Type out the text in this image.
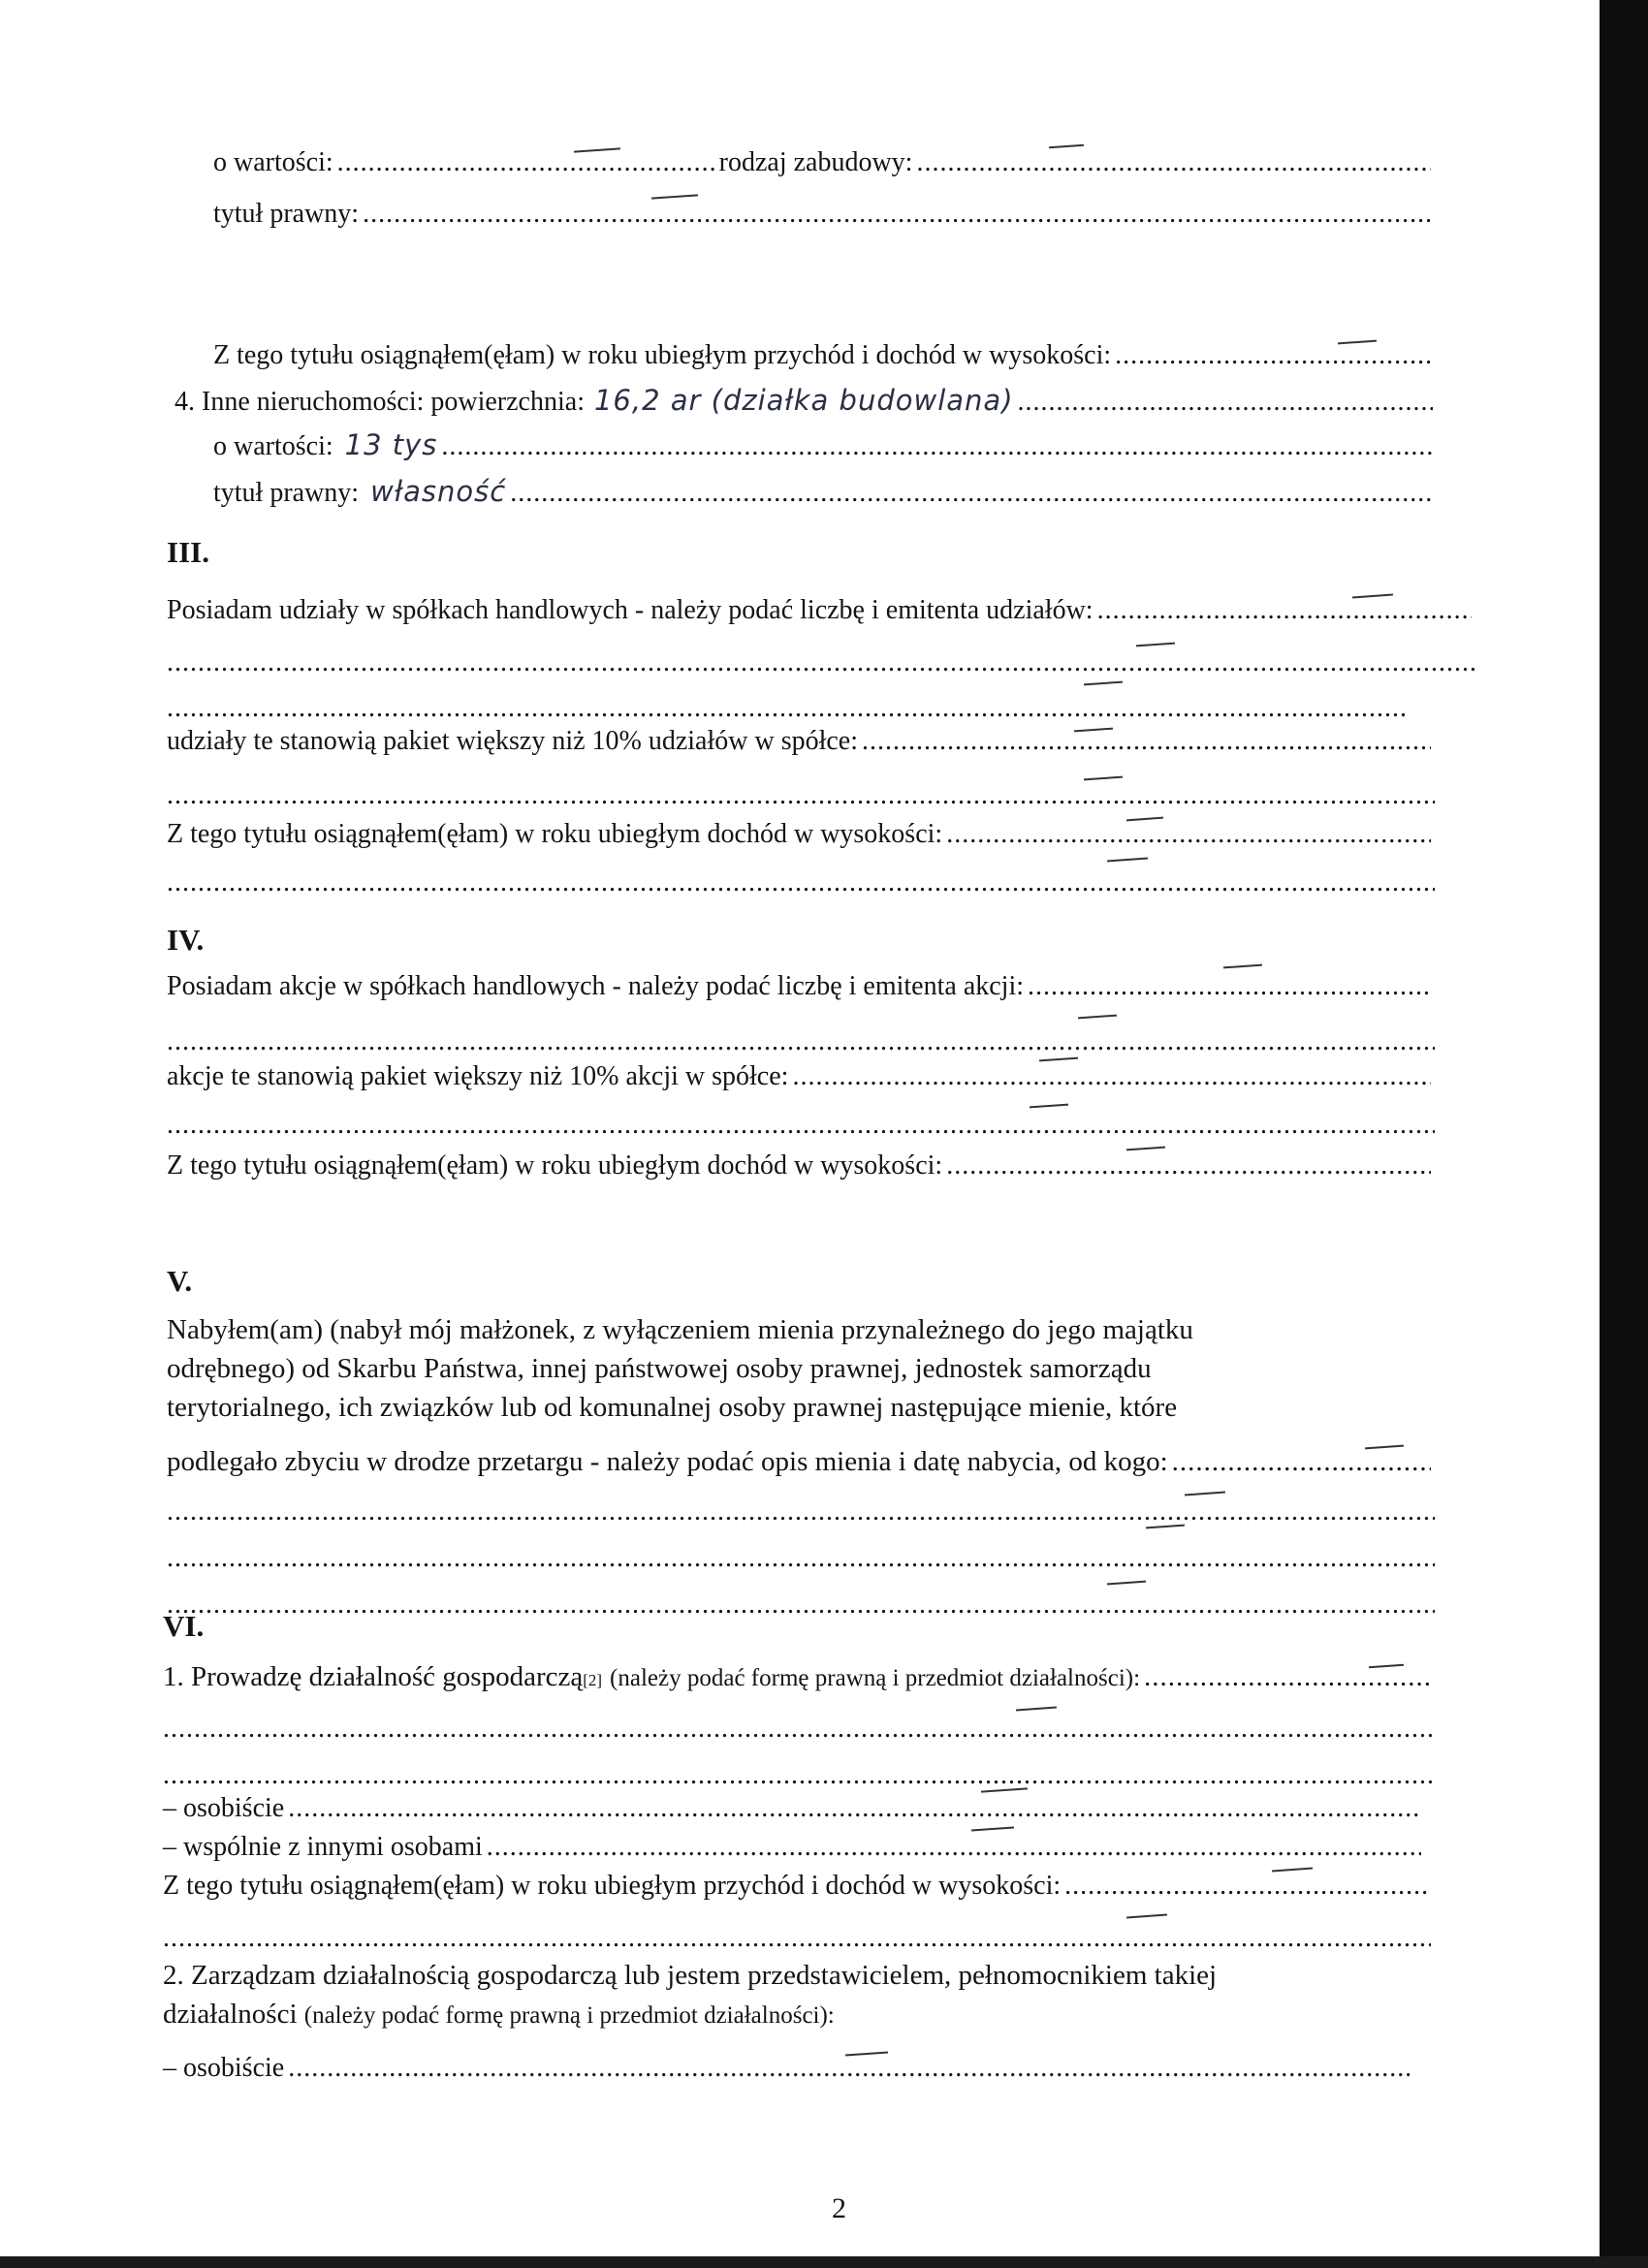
o wartości:
.....	rodzaj zabudowy:
.....
tytuł prawny:
.....
Z tego tytułu osiągnąłem(ęłam) w roku ubiegłym przychód i dochód w wysokości:
.....
4. Inne nieruchomości: powierzchnia: 16,2 ar (działka budowlana)
.....
o wartości: 13 tys
.....
tytuł prawny: własność
.....
III.
Posiadam udziały w spółkach handlowych - należy podać liczbę i emitenta udziałów:
.....
.....
.....
udziały te stanowią pakiet większy niż 10% udziałów w spółce:
.....
.....
Z tego tytułu osiągnąłem(ęłam) w roku ubiegłym dochód w wysokości:
.....
.....
IV.
Posiadam akcje w spółkach handlowych - należy podać liczbę i emitenta akcji:
.....
.....
akcje te stanowią pakiet większy niż 10% akcji w spółce:
.....
.....
Z tego tytułu osiągnąłem(ęłam) w roku ubiegłym dochód w wysokości:
.....
V.
Nabyłem(am) (nabył mój małżonek, z wyłączeniem mienia przynależnego do jego majątku
odrębnego) od Skarbu Państwa, innej państwowej osoby prawnej, jednostek samorządu
terytorialnego, ich związków lub od komunalnej osoby prawnej następujące mienie, które
podlegało zbyciu w drodze przetargu - należy podać opis mienia i datę nabycia, od kogo:
.....
.....
.....
.....
VI.
1. Prowadzę działalność gospodarczą [2] (należy podać formę prawną i przedmiot działalności):
.....
.....
.....
– osobiście
.....
– wspólnie z innymi osobami
.....
Z tego tytułu osiągnąłem(ęłam) w roku ubiegłym przychód i dochód w wysokości:
.....
.....
2. Zarządzam działalnością gospodarczą lub jestem przedstawicielem, pełnomocnikiem takiej
działalności (należy podać formę prawną i przedmiot działalności):
– osobiście
.....
2
